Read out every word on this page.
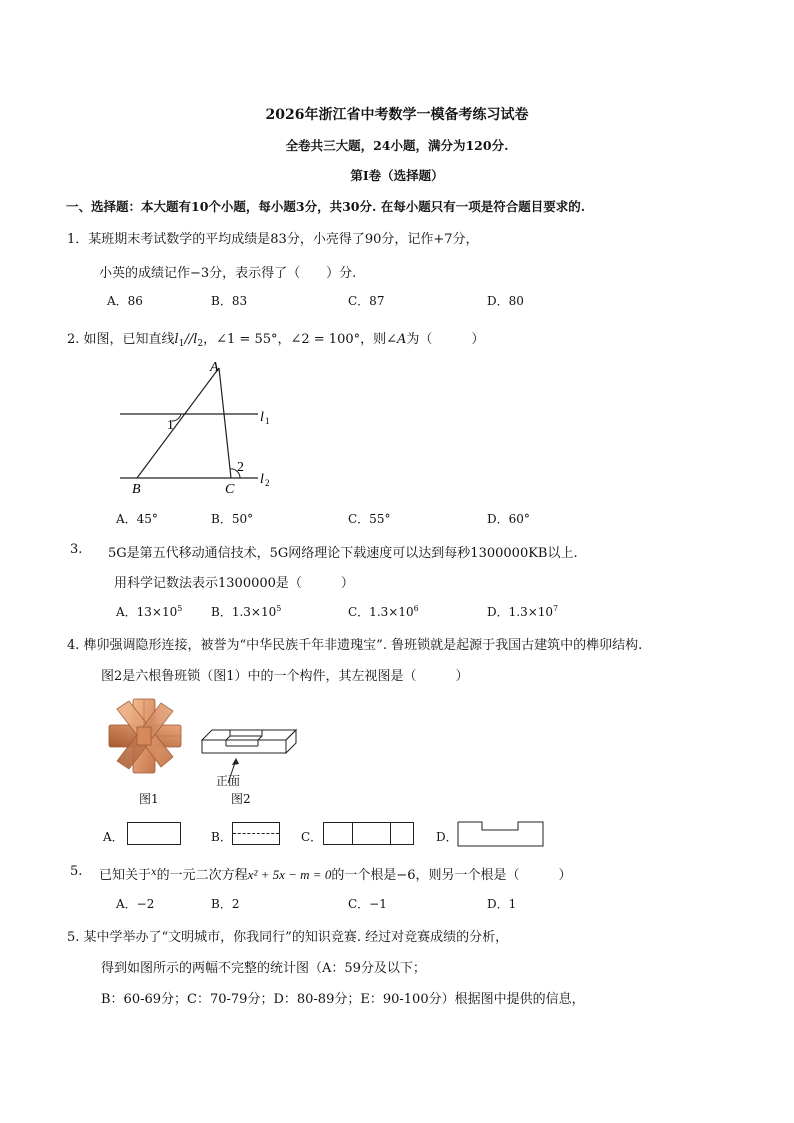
2026年浙江省中考数学一模备考练习试卷
全卷共三大题，24小题，满分为120分.
第I卷（选择题）
一、选择题：本大题有10个小题，每小题3分，共30分. 在每小题只有一项是符合题目要求的.
1．某班期末考试数学的平均成绩是83分，小亮得了90分，记作+7分，
小英的成绩记作−3分，表示得了（　　）分.
A．86	B．83	C．87	D．80
2. 如图，已知直线$l_1//l_2$，∠1 = 55°，∠2 = 100°，则∠A为（　　　）
A
B	C
1
2
l 1
l 2
A．45°	B．50°	C．55°	D．60°
3. 5G是第五代移动通信技术，5G网络理论下载速度可以达到每秒1300000KB以上.
用科学记数法表示1300000是（　　　）
A．$13\times 10^5$ B．$1.3\times 10^5$	C．$1.3\times 10^6$	D．$1.3\times 10^7$
4. 榫卯强调隐形连接，被誉为“中华民族千年非遗瑰宝”. 鲁班锁就是起源于我国古建筑中的榫卯结构.
图2是六根鲁班锁（图1）中的一个构件，其左视图是（　　　）
正面
图1	图2
A．	B．	C．	D．
5. 已知关于$^x$的一元二次方程x² + 5x − m = 0的一个根是−6，则另一个根是（　　　）
A．−2	B．2	C．−1	D．1
5. 某中学举办了“文明城市，你我同行”的知识竞赛. 经过对竞赛成绩的分析，
得到如图所示的两幅不完整的统计图（A：59分及以下；
B：60-69分；C：70-79分；D：80-89分；E：90-100分）根据图中提供的信息，
